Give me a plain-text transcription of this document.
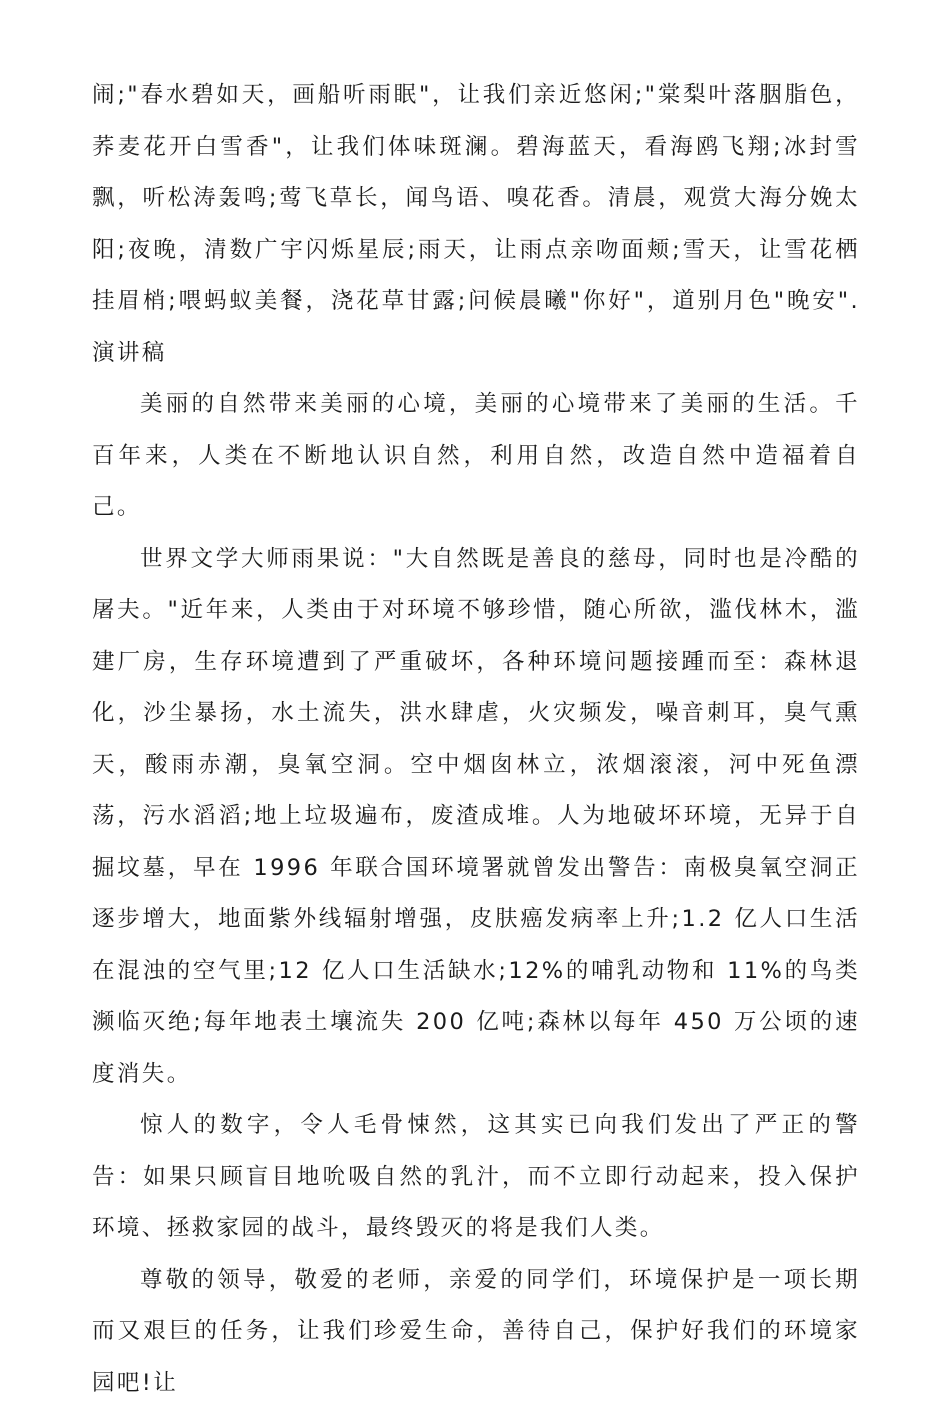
闹;"春水碧如天，画船听雨眠"，让我们亲近悠闲;"棠梨叶落胭脂色，荞麦花开白雪香"，让我们体味斑澜。碧海蓝天，看海鸥飞翔;冰封雪飘，听松涛轰鸣;莺飞草长，闻鸟语、嗅花香。清晨，观赏大海分娩太阳;夜晚，清数广宇闪烁星辰;雨天，让雨点亲吻面颊;雪天，让雪花栖挂眉梢;喂蚂蚁美餐，浇花草甘露;问候晨曦"你好"，道别月色"晚安". 演讲稿

美丽的自然带来美丽的心境，美丽的心境带来了美丽的生活。千百年来，人类在不断地认识自然，利用自然，改造自然中造福着自己。

世界文学大师雨果说："大自然既是善良的慈母，同时也是冷酷的屠夫。"近年来，人类由于对环境不够珍惜，随心所欲，滥伐林木，滥建厂房，生存环境遭到了严重破坏，各种环境问题接踵而至：森林退化，沙尘暴扬，水土流失，洪水肆虐，火灾频发，噪音刺耳，臭气熏天，酸雨赤潮，臭氧空洞。空中烟囱林立，浓烟滚滚，河中死鱼漂荡，污水滔滔;地上垃圾遍布，废渣成堆。人为地破坏环境，无异于自掘坟墓，早在 1996 年联合国环境署就曾发出警告：南极臭氧空洞正逐步增大，地面紫外线辐射增强，皮肤癌发病率上升;1.2 亿人口生活在混浊的空气里;12 亿人口生活缺水;12%的哺乳动物和 11%的鸟类濒临灭绝;每年地表土壤流失 200 亿吨;森林以每年 450 万公顷的速度消失。

惊人的数字，令人毛骨悚然，这其实已向我们发出了严正的警告：如果只顾盲目地吮吸自然的乳汁，而不立即行动起来，投入保护环境、拯救家园的战斗，最终毁灭的将是我们人类。

尊敬的领导，敬爱的老师，亲爱的同学们，环境保护是一项长期而又艰巨的任务，让我们珍爱生命，善待自己，保护好我们的环境家园吧!让
